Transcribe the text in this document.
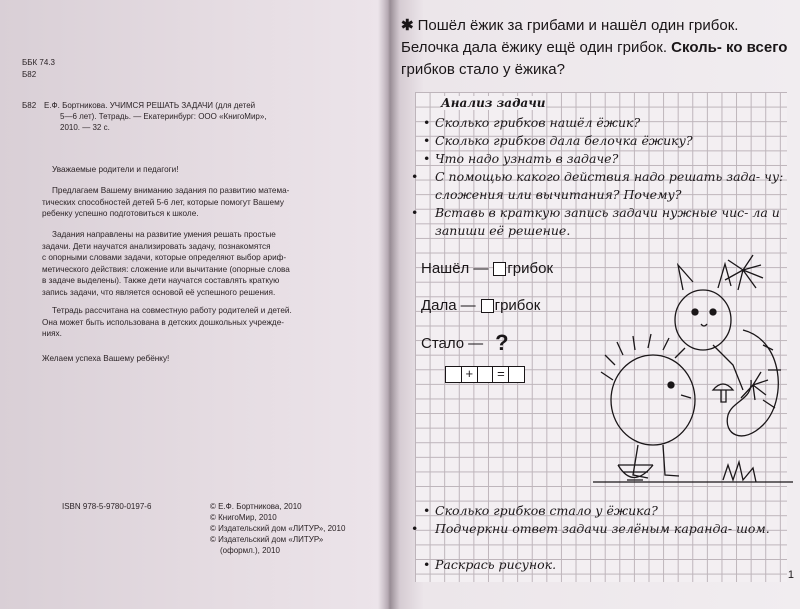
ББК 74.3
Б82
Б82 Е.Ф. Бортникова. УЧИМСЯ РЕШАТЬ ЗАДАЧИ (для детей
5—6 лет). Тетрадь. — Екатеринбург: ООО «КнигоМир»,
2010. — 32 с.
Уважаемые родители и педагоги!
Предлагаем Вашему вниманию задания по развитию матема-
тических способностей детей 5-6 лет, которые помогут Вашему
ребенку успешно подготовиться к школе.
Задания направлены на развитие умения решать простые
задачи. Дети научатся анализировать задачу, познакомятся
с опорными словами задачи, которые определяют выбор ариф-
метического действия: сложение или вычитание (опорные слова
в задаче выделены). Также дети научатся составлять краткую
запись задачи, что является основой её успешного решения.
Тетрадь рассчитана на совместную работу родителей и детей.
Она может быть использована в детских дошкольных учрежде-
ниях.
Желаем успеха Вашему ребёнку!
ISBN 978-5-9780-0197-6	© Е.Ф. Бортникова, 2010
© КнигоМир, 2010
© Издательский дом «ЛИТУР», 2010
© Издательский дом «ЛИТУР»
(оформл.), 2010
✱ Пошёл ёжик за грибами и нашёл один грибок. Белочка дала ёжику ещё один грибок. Сколь- ко всего грибков стало у ёжика?
Анализ задачи
• Сколько грибков нашёл ёжик?
• Сколько грибков дала белочка ёжику?
• Что надо узнать в задаче?
• С помощью какого действия надо решать зада- чу: сложения или вычитания? Почему?
• Вставь в краткую запись задачи нужные чис- ла и запиши её решение.
Нашёл — грибок
Дала — грибок
Стало — ?
+	=
• Сколько грибков стало у ёжика?
• Подчеркни ответ задачи зелёным каранда- шом.
• Раскрась рисунок.
1
